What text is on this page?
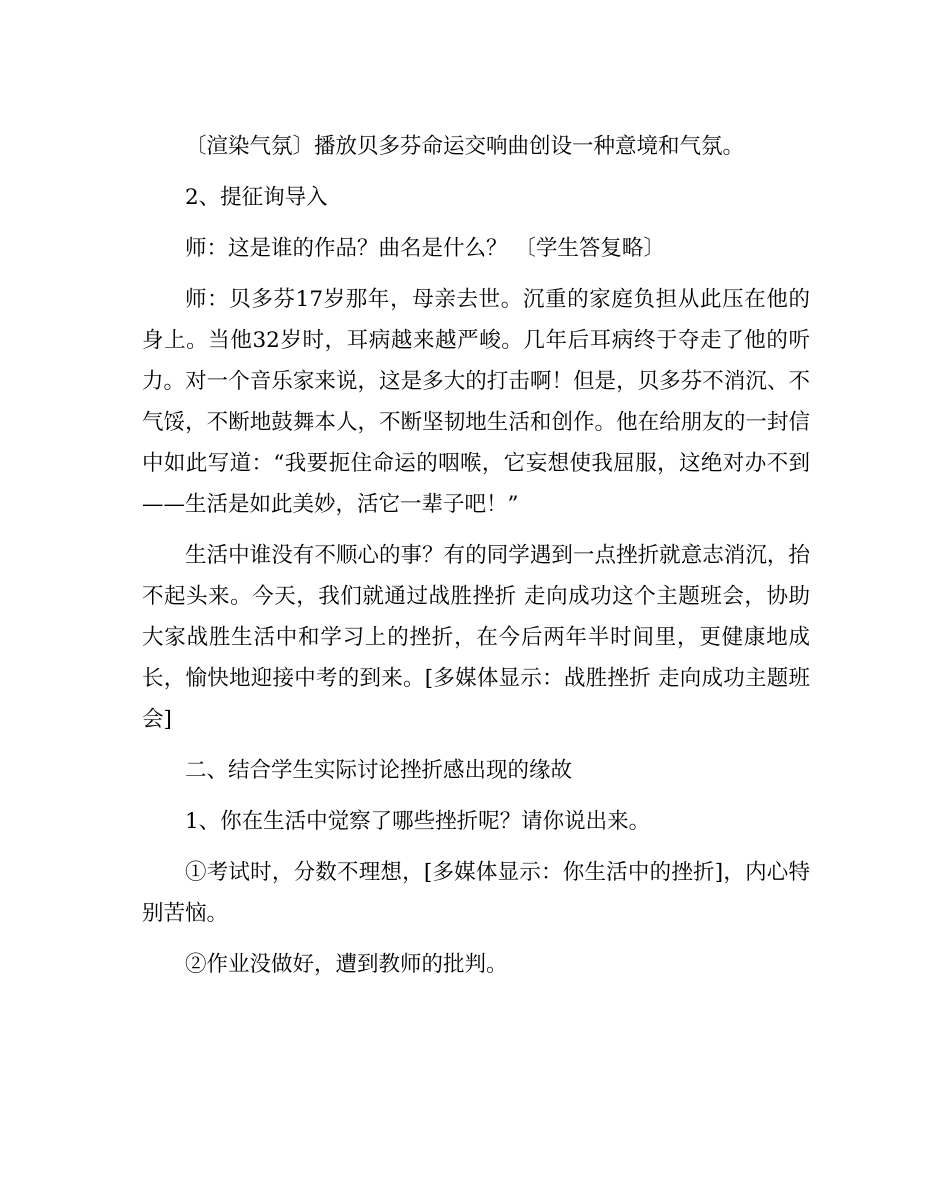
〔渲染气氛〕播放贝多芬命运交响曲创设一种意境和气氛。

2、提征询导入

师：这是谁的作品？曲名是什么？ 〔学生答复略〕

师：贝多芬17岁那年，母亲去世。沉重的家庭负担从此压在他的身上。当他32岁时，耳病越来越严峻。几年后耳病终于夺走了他的听力。对一个音乐家来说，这是多大的打击啊！但是，贝多芬不消沉、不气馁，不断地鼓舞本人，不断坚韧地生活和创作。他在给朋友的一封信中如此写道：“我要扼住命运的咽喉，它妄想使我屈服，这绝对办不到——生活是如此美妙，活它一辈子吧！”

生活中谁没有不顺心的事？有的同学遇到一点挫折就意志消沉，抬不起头来。今天，我们就通过战胜挫折 走向成功这个主题班会，协助大家战胜生活中和学习上的挫折，在今后两年半时间里，更健康地成长，愉快地迎接中考的到来。[多媒体显示：战胜挫折 走向成功主题班会]

二、结合学生实际讨论挫折感出现的缘故

1、你在生活中觉察了哪些挫折呢？请你说出来。

①考试时，分数不理想，[多媒体显示：你生活中的挫折]，内心特别苦恼。

②作业没做好，遭到教师的批判。
